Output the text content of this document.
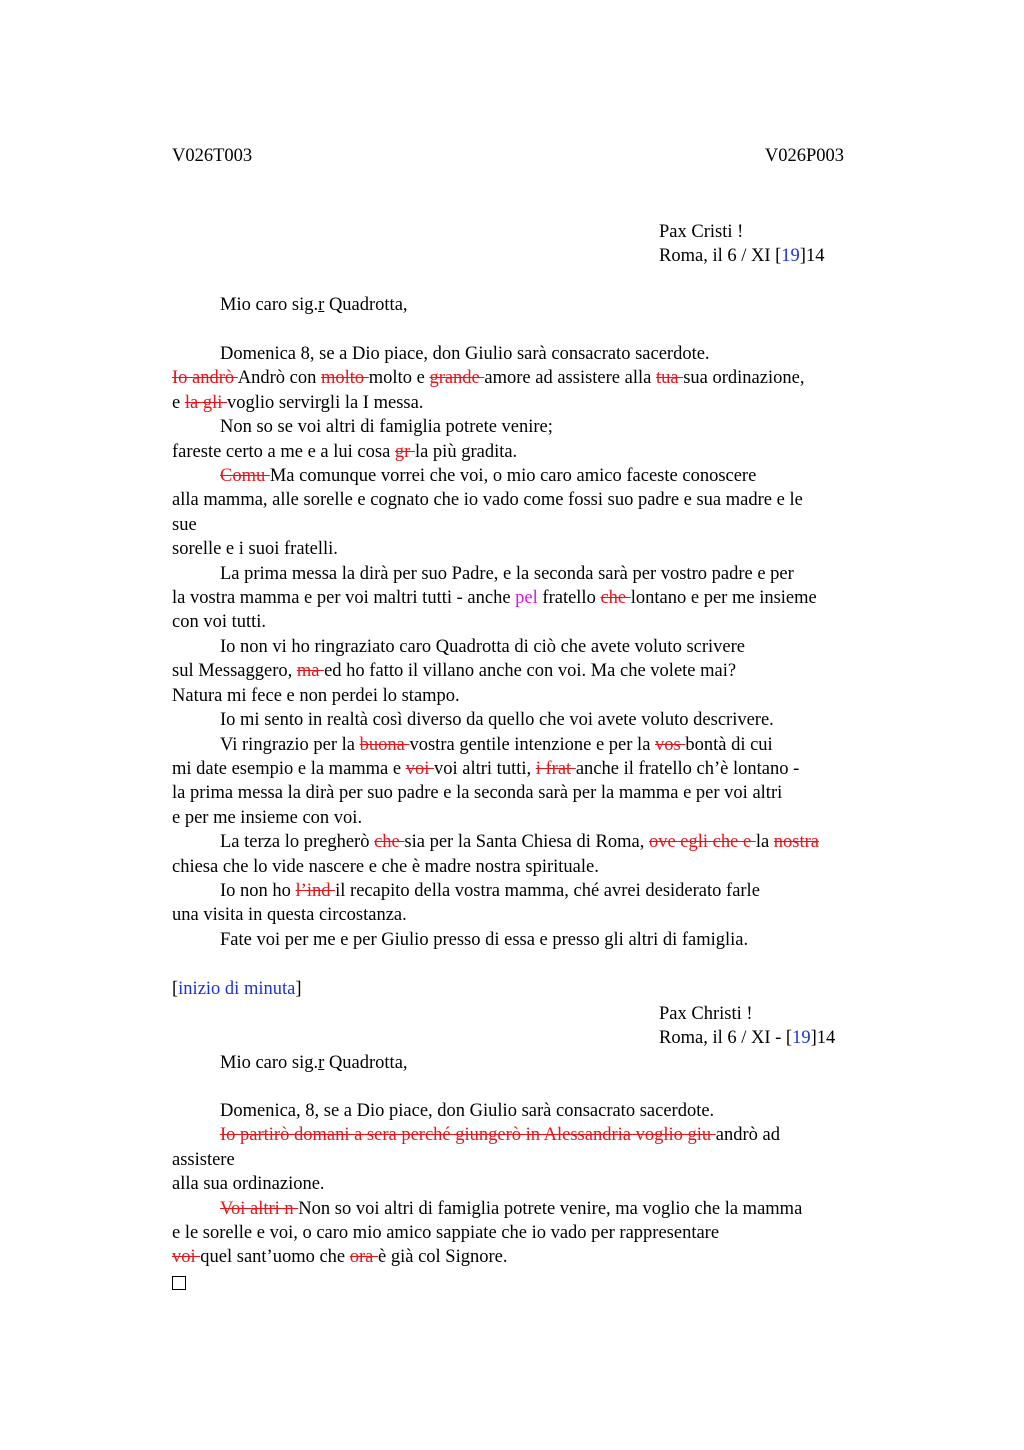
V026T003	V026P003
Pax Cristi !
Roma, il 6 / XI [19]14
Mio caro sig.r Quadrotta,
Domenica 8, se a Dio piace, don Giulio sarà consacrato sacerdote.
Io andrò Andrò con molto molto e grande amore ad assistere alla tua sua ordinazione,
e la gli voglio servirgli la I messa.
Non so se voi altri di famiglia potrete venire;
fareste certo a me e a lui cosa gr la più gradita.
Comu Ma comunque vorrei che voi, o mio caro amico faceste conoscere
alla mamma, alle sorelle e cognato che io vado come fossi suo padre e sua madre e le
sue
sorelle e i suoi fratelli.
La prima messa la dirà per suo Padre, e la seconda sarà per vostro padre e per
la vostra mamma e per voi maltri tutti - anche pel fratello che lontano e per me insieme
con voi tutti.
Io non vi ho ringraziato caro Quadrotta di ciò che avete voluto scrivere
sul Messaggero, ma ed ho fatto il villano anche con voi. Ma che volete mai?
Natura mi fece e non perdei lo stampo.
Io mi sento in realtà così diverso da quello che voi avete voluto descrivere.
Vi ringrazio per la buona vostra gentile intenzione e per la vos bontà di cui
mi date esempio e la mamma e voi voi altri tutti, i frat anche il fratello ch’è lontano -
la prima messa la dirà per suo padre e la seconda sarà per la mamma e per voi altri
e per me insieme con voi.
La terza lo pregherò che sia per la Santa Chiesa di Roma, ove egli che e la nostra
chiesa che lo vide nascere e che è madre nostra spirituale.
Io non ho l’ind il recapito della vostra mamma, ché avrei desiderato farle
una visita in questa circostanza.
Fate voi per me e per Giulio presso di essa e presso gli altri di famiglia.
[inizio di minuta]
Pax Christi !
Roma, il 6 / XI - [19]14
Mio caro sig.r Quadrotta,
Domenica, 8, se a Dio piace, don Giulio sarà consacrato sacerdote.
Io partirò domani a sera perché giungerò in Alessandria voglio giu andrò ad
assistere
alla sua ordinazione.
Voi altri n Non so voi altri di famiglia potrete venire, ma voglio che la mamma
e le sorelle e voi, o caro mio amico sappiate che io vado per rappresentare
voi quel sant’uomo che ora è già col Signore.
